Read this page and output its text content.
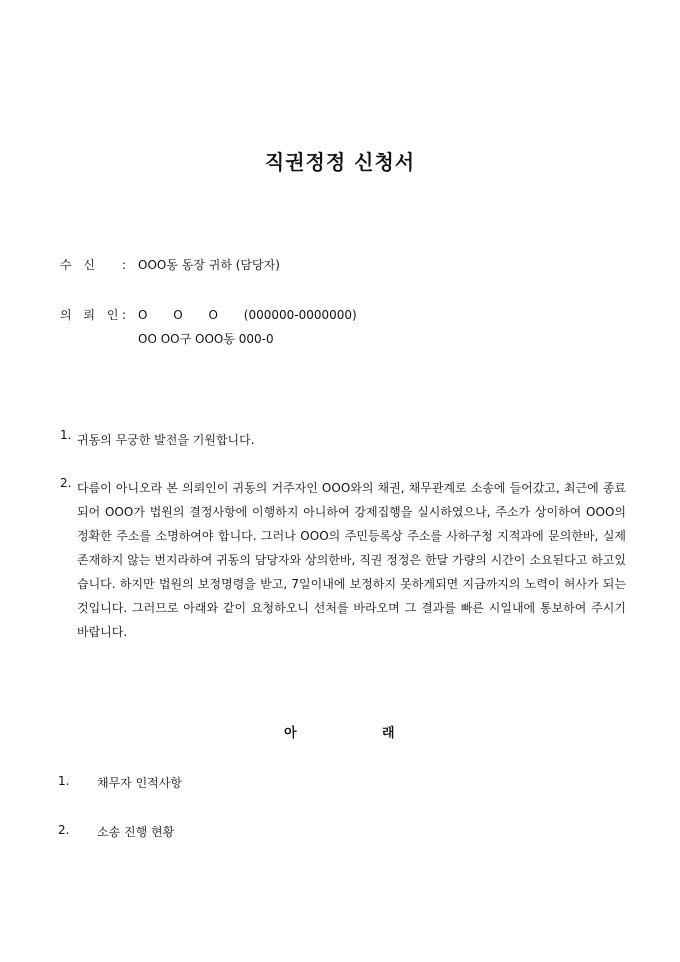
직권정정 신청서
수 신 : OOO동 동장 귀하 (담당자)
의 뢰 인: O O O (000000-0000000)
OO OO구 OOO동 000-0
1. 귀동의 무궁한 발전을 기원합니다.

2. 다름이 아니오라 본 의뢰인이 귀동의 거주자인 OOO와의 채권, 채무관계로 소송에 들어갔고, 최근에 종료되어 OOO가 법원의 결정사항에 이행하지 아니하여 강제집행을 실시하였으나, 주소가 상이하여 OOO의 정확한 주소를 소명하여야 합니다. 그러나 OOO의 주민등록상 주소를 사하구청 지적과에 문의한바, 실제 존재하지 않는 번지라하여 귀동의 담당자와 상의한바, 직권 정정은 한달 가량의 시간이 소요된다고 하고있습니다. 하지만 법원의 보정명령을 받고, 7일이내에 보정하지 못하게되면 지금까지의 노력이 허사가 되는 것입니다. 그러므로 아래와 같이 요청하오니 선처를 바라오며 그 결과를 빠른 시일내에 통보하여 주시기 바랍니다.

아	래
1. 채무자 인적사항
2. 소송 진행 현황
